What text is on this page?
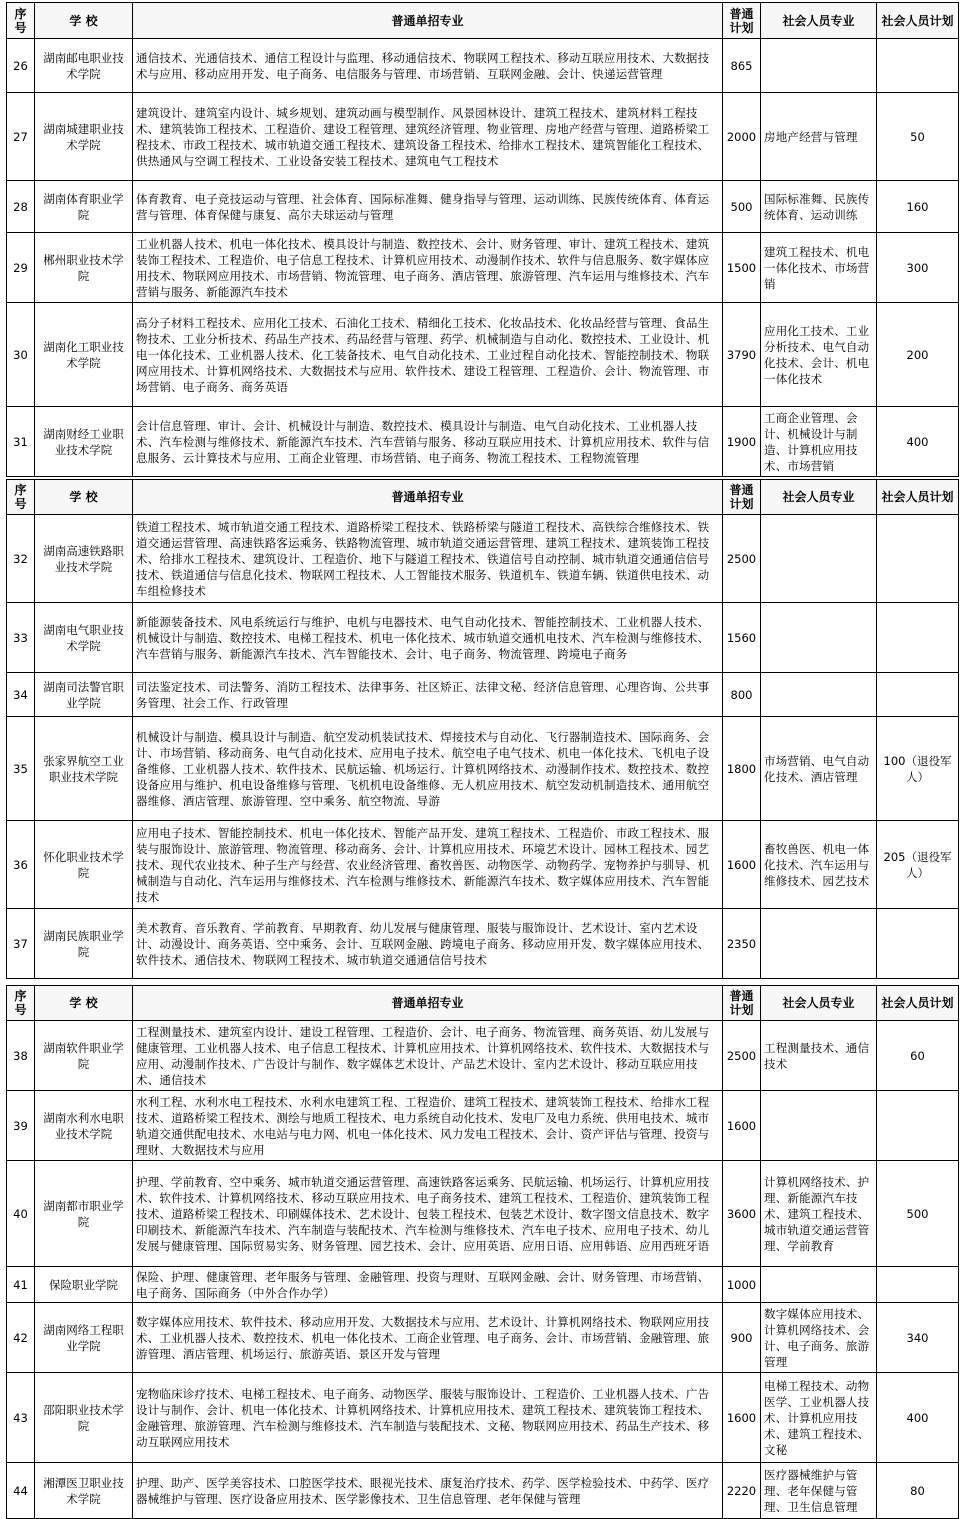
序号	学 校	普通单招专业	普通计划	社会人员专业	社会人员计划
26	湖南邮电职业技术学院	通信技术、光通信技术、通信工程设计与监理、移动通信技术、物联网工程技术、移动互联应用技术、大数据技术与应用、移动应用开发、电子商务、电信服务与管理、市场营销、互联网金融、会计、快递运营管理	865		
27	湖南城建职业技术学院	建筑设计、建筑室内设计、城乡规划、建筑动画与模型制作、风景园林设计、建筑工程技术、建筑材料工程技术、建筑装饰工程技术、工程造价、建设工程管理、建筑经济管理、物业管理、房地产经营与管理、道路桥梁工程技术、市政工程技术、城市轨道交通工程技术、建筑设备工程技术、给排水工程技术、建筑智能化工程技术、供热通风与空调工程技术、工业设备安装工程技术、建筑电气工程技术	2000	房地产经营与管理	50
28	湖南体育职业学院	体育教育、电子竞技运动与管理、社会体育、国际标准舞、健身指导与管理、运动训练、民族传统体育、体育运营与管理、体育保健与康复、高尔夫球运动与管理	500	国际标准舞、民族传统体育、运动训练	160
29	郴州职业技术学院	工业机器人技术、机电一体化技术、模具设计与制造、数控技术、会计、财务管理、审计、建筑工程技术、建筑装饰工程技术、工程造价、电子信息工程技术、计算机应用技术、动漫制作技术、软件与信息服务、数字媒体应用技术、物联网应用技术、市场营销、物流管理、电子商务、酒店管理、旅游管理、汽车运用与维修技术、汽车营销与服务、新能源汽车技术	1500	建筑工程技术、机电一体化技术、市场营销	300
30	湖南化工职业技术学院	高分子材料工程技术、应用化工技术、石油化工技术、精细化工技术、化妆品技术、化妆品经营与管理、食品生物技术、工业分析技术、药品生产技术、药品经营与管理、药学、机械制造与自动化、数控技术、工业设计、机电一体化技术、工业机器人技术、化工装备技术、电气自动化技术、工业过程自动化技术、智能控制技术、物联网应用技术、计算机网络技术、大数据技术与应用、软件技术、建设工程管理、工程造价、会计、物流管理、市场营销、电子商务、商务英语	3790	应用化工技术、工业分析技术、电气自动化技术、会计、机电一体化技术	200
31	湖南财经工业职业技术学院	会计信息管理、审计、会计、机械设计与制造、数控技术、模具设计与制造、电气自动化技术、工业机器人技术、汽车检测与维修技术、新能源汽车技术、汽车营销与服务、移动互联应用技术、计算机应用技术、软件与信息服务、云计算技术与应用、工商企业管理、市场营销、电子商务、物流工程技术、工程物流管理	1900	工商企业管理、会计、机械设计与制造、计算机应用技术、市场营销	400
序号	学 校	普通单招专业	普通计划	社会人员专业	社会人员计划
32	湖南高速铁路职业技术学院	铁道工程技术、城市轨道交通工程技术、道路桥梁工程技术、铁路桥梁与隧道工程技术、高铁综合维修技术、铁道交通运营管理、高速铁路客运乘务、铁路物流管理、城市轨道交通运营管理、建筑工程技术、建筑装饰工程技术、给排水工程技术、建筑设计、工程造价、地下与隧道工程技术、铁道信号自动控制、城市轨道交通通信信号技术、铁道通信与信息化技术、物联网工程技术、人工智能技术服务、铁道机车、铁道车辆、铁道供电技术、动车组检修技术	2500		
33	湖南电气职业技术学院	新能源装备技术、风电系统运行与维护、电机与电器技术、电气自动化技术、智能控制技术、工业机器人技术、机械设计与制造、数控技术、电梯工程技术、机电一体化技术、城市轨道交通机电技术、汽车检测与维修技术、汽车营销与服务、新能源汽车技术、汽车智能技术、会计、电子商务、物流管理、跨境电子商务	1560		
34	湖南司法警官职业学院	司法鉴定技术、司法警务、消防工程技术、法律事务、社区矫正、法律文秘、经济信息管理、心理咨询、公共事务管理、社会工作、行政管理	800		
35	张家界航空工业职业技术学院	机械设计与制造、模具设计与制造、航空发动机装试技术、焊接技术与自动化、飞行器制造技术、国际商务、会计、市场营销、移动商务、电气自动化技术、应用电子技术、航空电子电气技术、机电一体化技术、飞机电子设备维修、工业机器人技术、软件技术、民航运输、机场运行、计算机网络技术、动漫制作技术、数控技术、数控设备应用与维护、机电设备维修与管理、飞机机电设备维修、无人机应用技术、航空发动机制造技术、通用航空器维修、酒店管理、旅游管理、空中乘务、航空物流、导游	1800	市场营销、电气自动化技术、酒店管理	100（退役军人）
36	怀化职业技术学院	应用电子技术、智能控制技术、机电一体化技术、智能产品开发、建筑工程技术、工程造价、市政工程技术、服装与服饰设计、旅游管理、物流管理、移动商务、会计、计算机应用技术、环境艺术设计、园林工程技术、园艺技术、现代农业技术、种子生产与经营、农业经济管理、畜牧兽医、动物医学、动物药学、宠物养护与驯导、机械制造与自动化、汽车运用与维修技术、汽车检测与维修技术、新能源汽车技术、数字媒体应用技术、汽车智能技术	1600	畜牧兽医、机电一体化技术、汽车运用与维修技术、园艺技术	205（退役军人）
37	湖南民族职业学院	美术教育、音乐教育、学前教育、早期教育、幼儿发展与健康管理、服装与服饰设计、艺术设计、室内艺术设计、动漫设计、商务英语、空中乘务、会计、互联网金融、跨境电子商务、移动应用开发、数字媒体应用技术、软件技术、通信技术、物联网工程技术、城市轨道交通通信信号技术	2350		
序号	学 校	普通单招专业	普通计划	社会人员专业	社会人员计划
38	湖南软件职业学院	工程测量技术、建筑室内设计、建设工程管理、工程造价、会计、电子商务、物流管理、商务英语、幼儿发展与健康管理、工业机器人技术、电子信息工程技术、计算机应用技术、计算机网络技术、软件技术、大数据技术与应用、动漫制作技术、广告设计与制作、数字媒体艺术设计、产品艺术设计、室内艺术设计、移动互联应用技术、通信技术	2500	工程测量技术、通信技术	60
39	湖南水利水电职业技术学院	水利工程、水利水电工程技术、水利水电建筑工程、工程造价、建筑工程技术、建筑装饰工程技术、给排水工程技术、道路桥梁工程技术、测绘与地质工程技术、电力系统自动化技术、发电厂及电力系统、供用电技术、城市轨道交通供配电技术、水电站与电力网、机电一体化技术、风力发电工程技术、会计、资产评估与管理、投资与理财、大数据技术与应用	1600		
40	湖南都市职业学院	护理、学前教育、空中乘务、城市轨道交通运营管理、高速铁路客运乘务、民航运输、机场运行、计算机应用技术、软件技术、计算机网络技术、移动互联应用技术、电子商务技术、建筑工程技术、工程造价、建筑装饰工程技术、道路桥梁工程技术、印刷媒体技术、艺术设计、包装工程技术、包装艺术设计、数字图文信息技术、数字印刷技术、新能源汽车技术、汽车制造与装配技术、汽车检测与维修技术、汽车电子技术、应用电子技术、幼儿发展与健康管理、国际贸易实务、财务管理、园艺技术、会计、应用英语、应用日语、应用韩语、应用西班牙语	3600	计算机网络技术、护理、新能源汽车技术、建筑工程技术、城市轨道交通运营管理、学前教育	500
41	保险职业学院	保险、护理、健康管理、老年服务与管理、金融管理、投资与理财、互联网金融、会计、财务管理、市场营销、电子商务、国际商务（中外合作办学）	1000		
42	湖南网络工程职业学院	数字媒体应用技术、软件技术、移动应用开发、大数据技术与应用、艺术设计、计算机网络技术、物联网应用技术、工业机器人技术、数控技术、机电一体化技术、工商企业管理、电子商务、会计、市场营销、金融管理、旅游管理、酒店管理、机场运行、旅游英语、景区开发与管理	900	数字媒体应用技术、计算机网络技术、会计、电子商务、旅游管理	340
43	邵阳职业技术学院	宠物临床诊疗技术、电梯工程技术、电子商务、动物医学、服装与服饰设计、工程造价、工业机器人技术、广告设计与制作、会计、机电一体化技术、计算机网络技术、计算机应用技术、建筑工程技术、建筑装饰工程技术、金融管理、旅游管理、汽车检测与维修技术、汽车制造与装配技术、文秘、物联网应用技术、药品生产技术、移动互联网应用技术	1600	电梯工程技术、动物医学、工业机器人技术、计算机应用技术、建筑工程技术、文秘	400
44	湘潭医卫职业技术学院	护理、助产、医学美容技术、口腔医学技术、眼视光技术、康复治疗技术、药学、医学检验技术、中药学、医疗器械维护与管理、医疗设备应用技术、医学影像技术、卫生信息管理、老年保健与管理	2220	医疗器械维护与管理、老年保健与管理、卫生信息管理	80
